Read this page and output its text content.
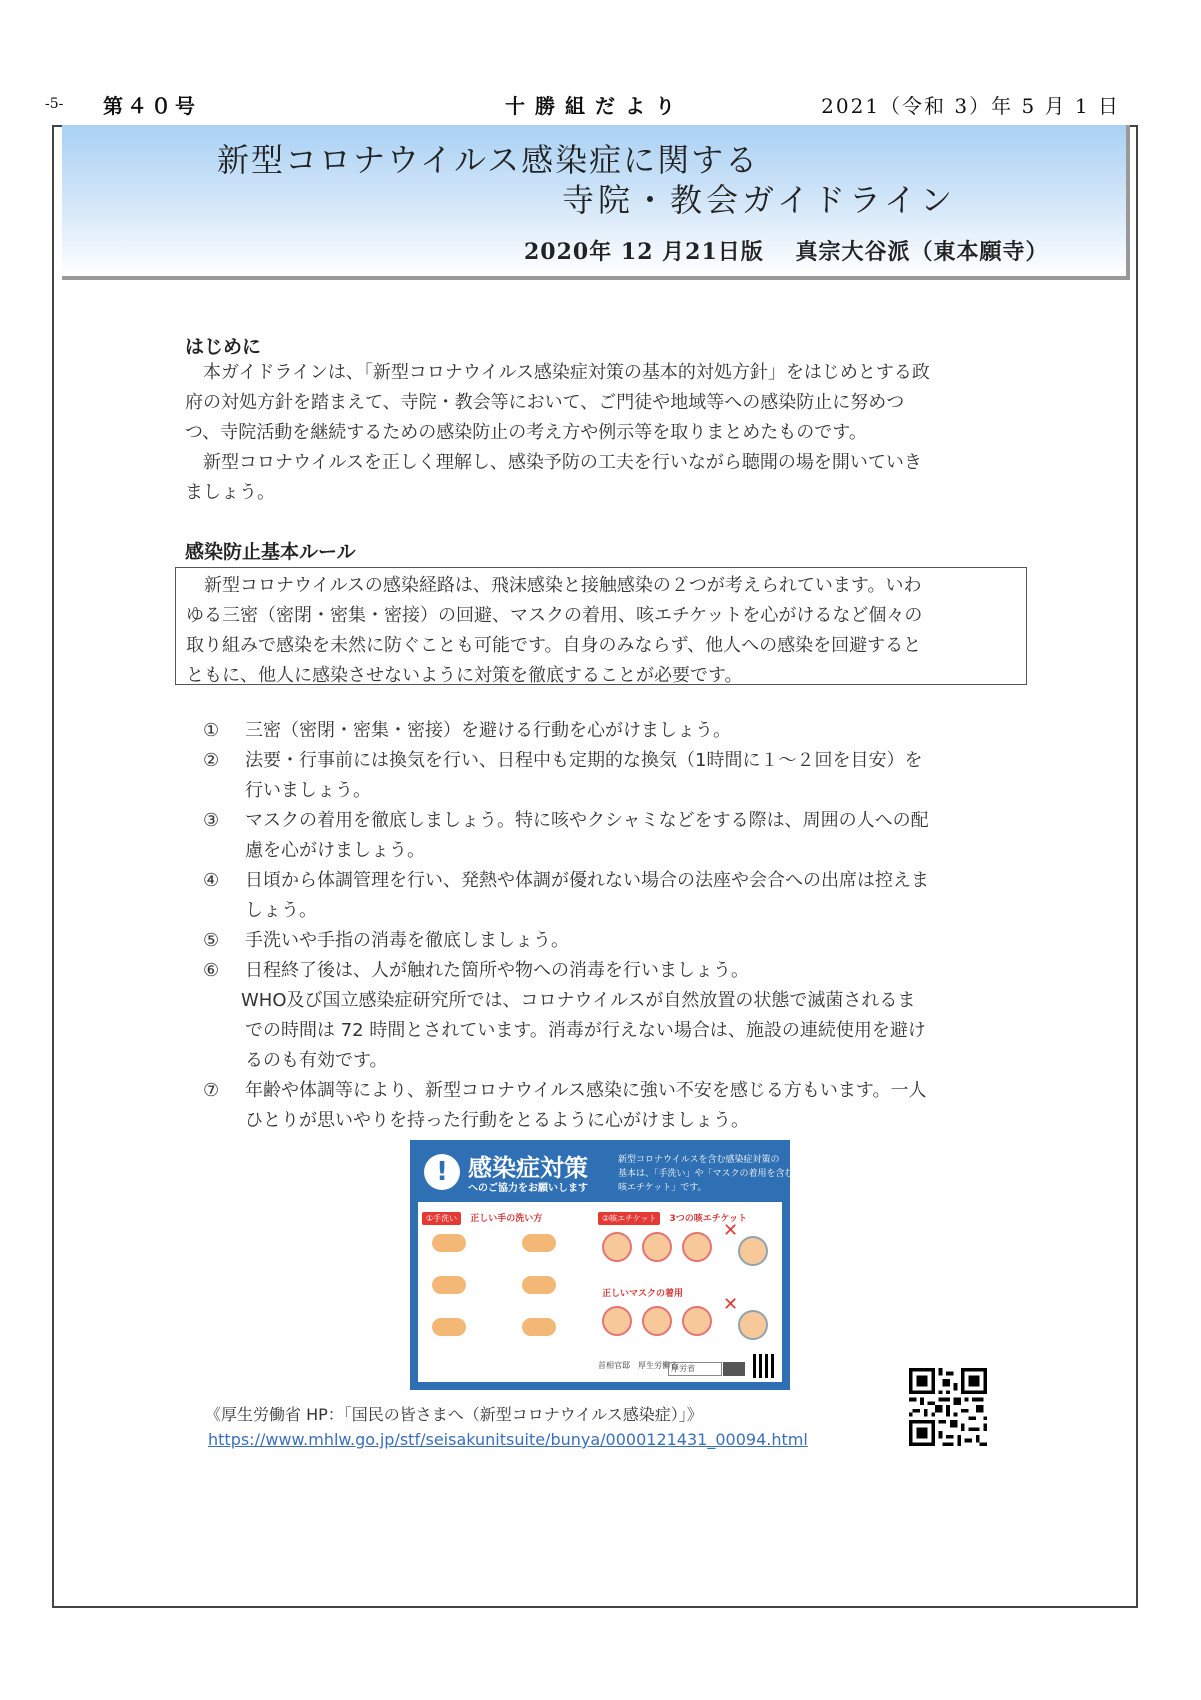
-5- 第４０号	十勝組だより	2021（令和 3）年 5 月 1 日
新型コロナウイルス感染症に関する
寺院・教会ガイドライン
2020年 12 月21日版　 真宗大谷派（東本願寺）
はじめに
　本ガイドラインは、「新型コロナウイルス感染症対策の基本的対処方針」をはじめとする政
府の対処方針を踏まえて、寺院・教会等において、ご門徒や地域等への感染防止に努めつ
つ、寺院活動を継続するための感染防止の考え方や例示等を取りまとめたものです。
　新型コロナウイルスを正しく理解し、感染予防の工夫を行いながら聴聞の場を開いていき
ましょう。
感染防止基本ルール
　新型コロナウイルスの感染経路は、飛沫感染と接触感染の２つが考えられています。いわ
ゆる三密（密閉・密集・密接）の回避、マスクの着用、咳エチケットを心がけるなど個々の
取り組みで感染を未然に防ぐことも可能です。自身のみならず、他人への感染を回避すると
ともに、他人に感染させないように対策を徹底することが必要です。
① 三密（密閉・密集・密接）を避ける行動を心がけましょう。
② 法要・行事前には換気を行い、日程中も定期的な換気（1時間に１～２回を目安）を
行いましょう。
③ マスクの着用を徹底しましょう。特に咳やクシャミなどをする際は、周囲の人への配
慮を心がけましょう。
④ 日頃から体調管理を行い、発熱や体調が優れない場合の法座や会合への出席は控えま
しょう。
⑤ 手洗いや手指の消毒を徹底しましょう。
⑥ 日程終了後は、人が触れた箇所や物への消毒を行いましょう。
WHO及び国立感染症研究所では、コロナウイルスが自然放置の状態で滅菌されるま
での時間は 72 時間とされています。消毒が行えない場合は、施設の連続使用を避け
るのも有効です。
⑦ 年齢や体調等により、新型コロナウイルス感染に強い不安を感じる方もいます。一人
ひとりが思いやりを持った行動をとるように心がけましょう。
! 感染症対策
へのご協力をお願いします
新型コロナウイルスを含む感染症対策の
基本は、「手洗い」や「マスクの着用を含む
咳エチケット」です。
①手洗い 正しい手の洗い方	②咳エチケット 3つの咳エチケット
✕
✕
正しいマスクの着用
首相官邸　厚生労働省
厚労省
《厚生労働省 HP：「国民の皆さまへ（新型コロナウイルス感染症）」》
https://www.mhlw.go.jp/stf/seisakunitsuite/bunya/0000121431_00094.html
